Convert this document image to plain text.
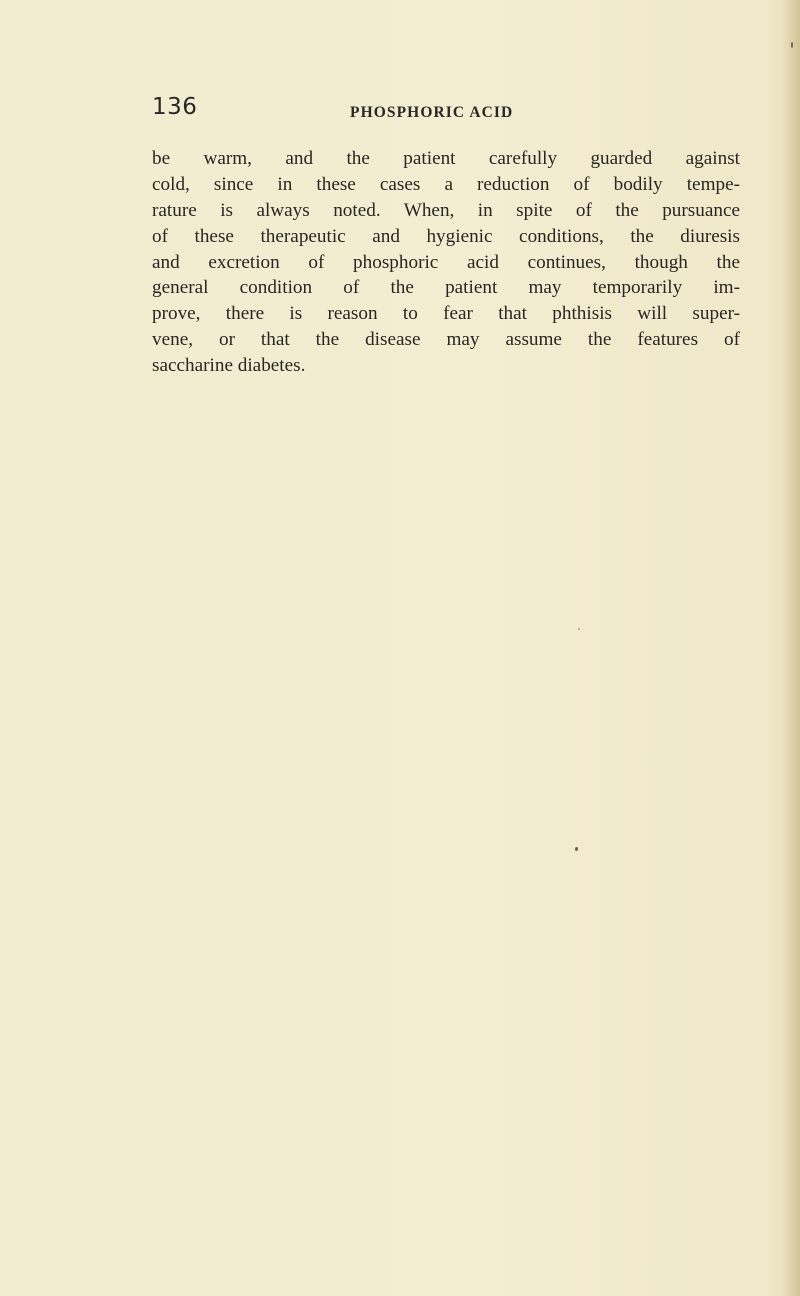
136	PHOSPHORIC ACID
be warm, and the patient carefully guarded against
cold, since in these cases a reduction of bodily tempe-
rature is always noted. When, in spite of the pursuance
of these therapeutic and hygienic conditions, the diuresis
and excretion of phosphoric acid continues, though the
general condition of the patient may temporarily im-
prove, there is reason to fear that phthisis will super-
vene, or that the disease may assume the features of
saccharine diabetes.
